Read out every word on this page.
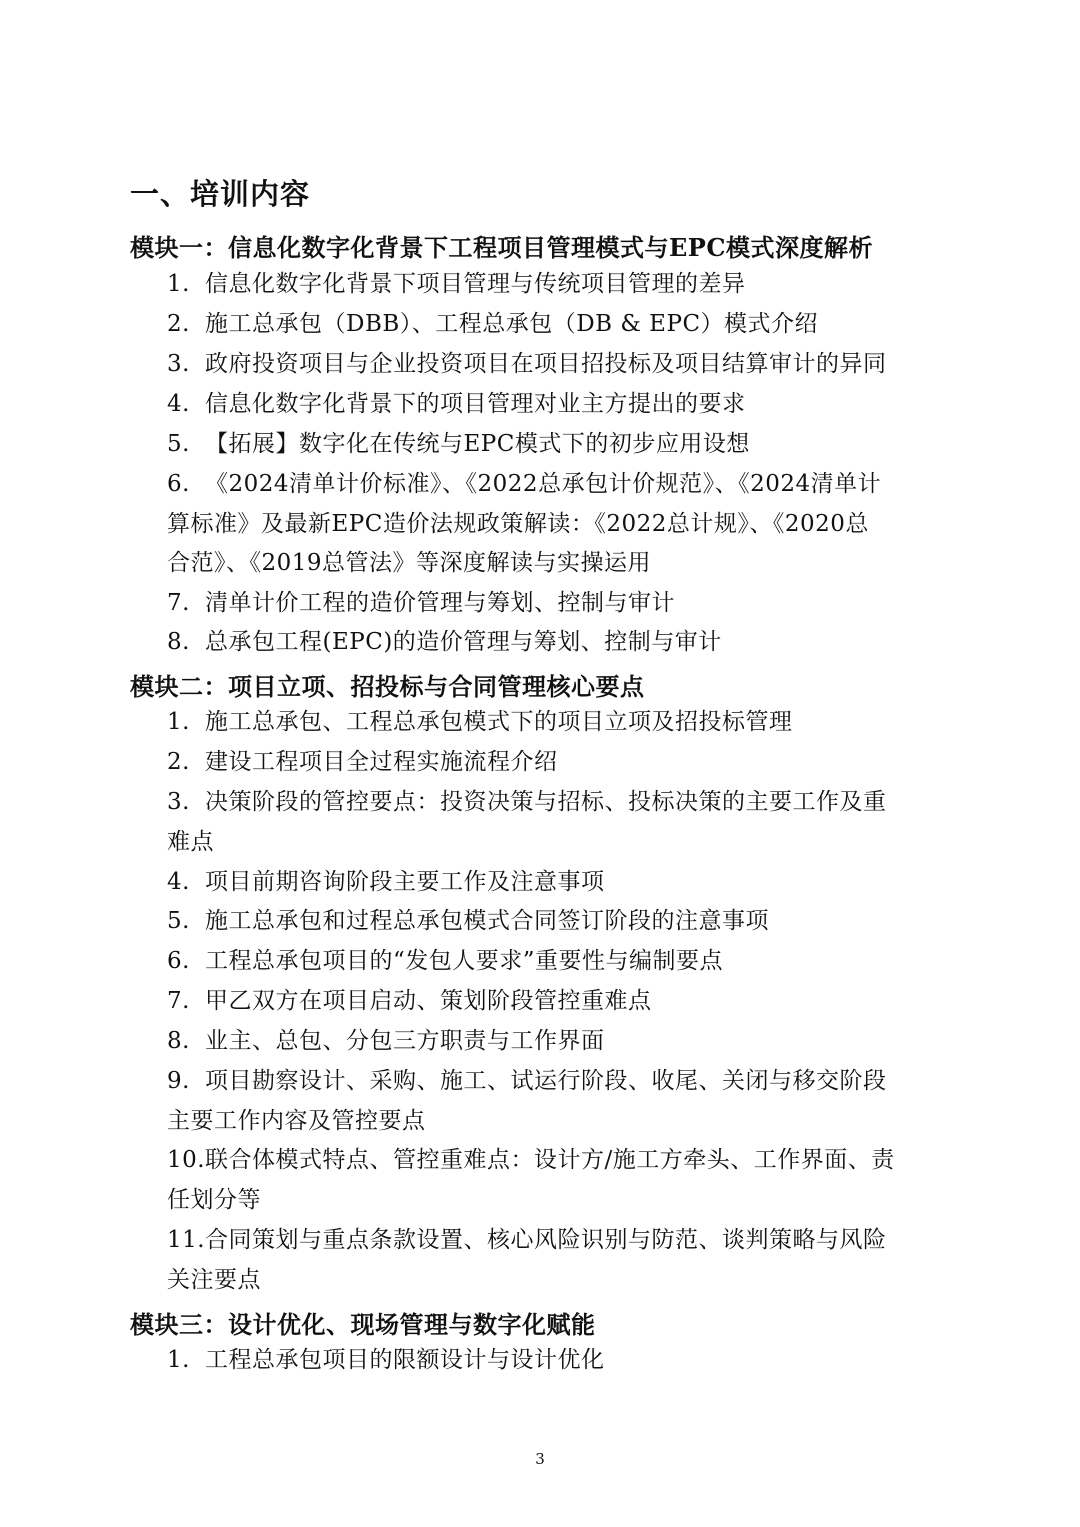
一、培训内容
模块一：信息化数字化背景下工程项目管理模式与EPC模式深度解析
1. 信息化数字化背景下项目管理与传统项目管理的差异
2. 施工总承包（DBB）、工程总承包（DB & EPC）模式介绍
3. 政府投资项目与企业投资项目在项目招投标及项目结算审计的异同
4. 信息化数字化背景下的项目管理对业主方提出的要求
5. 【拓展】数字化在传统与EPC模式下的初步应用设想
6. 《2024清单计价标准》、《2022总承包计价规范》、《2024清单计
算标准》及最新EPC造价法规政策解读：《2022总计规》、《2020总
合范》、《2019总管法》等深度解读与实操运用
7. 清单计价工程的造价管理与筹划、控制与审计
8. 总承包工程(EPC)的造价管理与筹划、控制与审计
模块二：项目立项、招投标与合同管理核心要点
1. 施工总承包、工程总承包模式下的项目立项及招投标管理
2. 建设工程项目全过程实施流程介绍
3. 决策阶段的管控要点：投资决策与招标、投标决策的主要工作及重
难点
4. 项目前期咨询阶段主要工作及注意事项
5. 施工总承包和过程总承包模式合同签订阶段的注意事项
6. 工程总承包项目的“发包人要求”重要性与编制要点
7. 甲乙双方在项目启动、策划阶段管控重难点
8. 业主、总包、分包三方职责与工作界面
9. 项目勘察设计、采购、施工、试运行阶段、收尾、关闭与移交阶段
主要工作内容及管控要点
10.联合体模式特点、管控重难点：设计方/施工方牵头、工作界面、责
任划分等
11.合同策划与重点条款设置、核心风险识别与防范、谈判策略与风险
关注要点
模块三：设计优化、现场管理与数字化赋能
1. 工程总承包项目的限额设计与设计优化
3
